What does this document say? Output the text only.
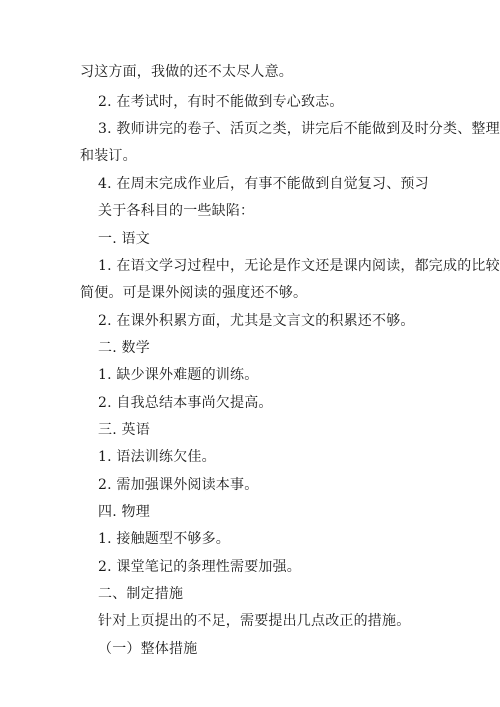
习这方面，我做的还不太尽人意。
2. 在考试时，有时不能做到专心致志。
3. 教师讲完的卷子、活页之类，讲完后不能做到及时分类、整理
和装订。
4. 在周末完成作业后，有事不能做到自觉复习、预习
关于各科目的一些缺陷：
一. 语文
1. 在语文学习过程中，无论是作文还是课内阅读，都完成的比较
简便。可是课外阅读的强度还不够。
2. 在课外积累方面，尤其是文言文的积累还不够。
二. 数学
1. 缺少课外难题的训练。
2. 自我总结本事尚欠提高。
三. 英语
1. 语法训练欠佳。
2. 需加强课外阅读本事。
四. 物理
1. 接触题型不够多。
2. 课堂笔记的条理性需要加强。
二、制定措施
针对上页提出的不足，需要提出几点改正的措施。
（一）整体措施
